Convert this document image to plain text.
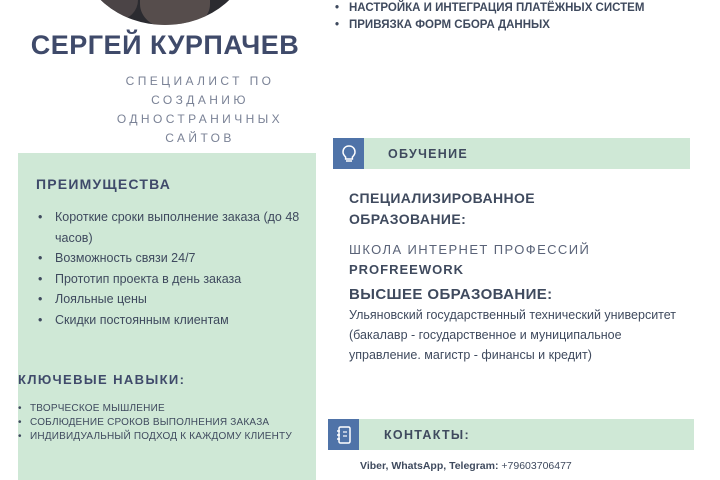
СЕРГЕЙ КУРПАЧЕВ
СПЕЦИАЛИСТ ПО СОЗДАНИЮ ОДНОСТРАНИЧНЫХ САЙТОВ
• НАСТРОЙКА И ИНТЕГРАЦИЯ ПЛАТЁЖНЫХ СИСТЕМ
• ПРИВЯЗКА ФОРМ СБОРА ДАННЫХ
ПРЕИМУЩЕСТВА
• Короткие сроки выполнение заказа (до 48 часов)
• Возможность связи 24/7
• Прототип проекта в день заказа
• Лояльные цены
• Скидки постоянным клиентам
КЛЮЧЕВЫЕ НАВЫКИ:
• ТВОРЧЕСКОЕ МЫШЛЕНИЕ
• СОБЛЮДЕНИЕ СРОКОВ ВЫПОЛНЕНИЯ ЗАКАЗА
• ИНДИВИДУАЛЬНЫЙ ПОДХОД К КАЖДОМУ КЛИЕНТУ
ОБУЧЕНИЕ
СПЕЦИАЛИЗИРОВАННОЕ ОБРАЗОВАНИЕ:
ШКОЛА ИНТЕРНЕТ ПРОФЕССИЙ
PROFREEWORK
ВЫСШЕЕ ОБРАЗОВАНИЕ:
Ульяновский государственный технический университет (бакалавр - государственное и муниципальное управление. магистр - финансы и кредит)
КОНТАКТЫ:
Viber, WhatsApp, Telegram: +79603706477
